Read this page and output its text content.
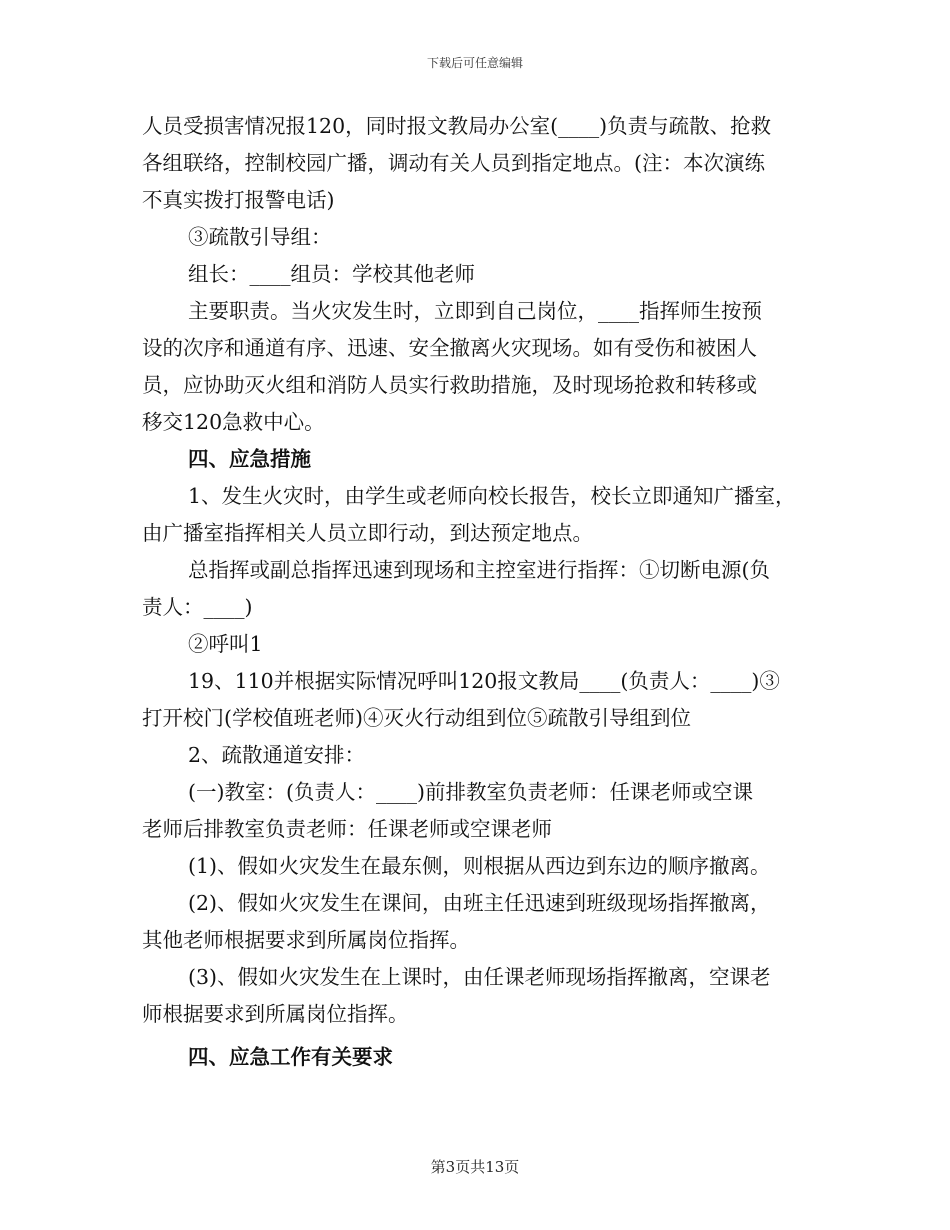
下载后可任意编辑
人员受损害情况报120，同时报文教局办公室(____)负责与疏散、抢救
各组联络，控制校园广播，调动有关人员到指定地点。(注：本次演练
不真实拨打报警电话)
③疏散引导组：
组长：____组员：学校其他老师
主要职责。当火灾发生时，立即到自己岗位，____指挥师生按预
设的次序和通道有序、迅速、安全撤离火灾现场。如有受伤和被困人
员，应协助灭火组和消防人员实行救助措施，及时现场抢救和转移或
移交120急救中心。
四、应急措施
1、发生火灾时，由学生或老师向校长报告，校长立即通知广播室，
由广播室指挥相关人员立即行动，到达预定地点。
总指挥或副总指挥迅速到现场和主控室进行指挥：①切断电源(负
责人：____)
②呼叫1
19、110并根据实际情况呼叫120报文教局____(负责人：____)③
打开校门(学校值班老师)④灭火行动组到位⑤疏散引导组到位
2、疏散通道安排：
(一)教室：(负责人：____)前排教室负责老师：任课老师或空课
老师后排教室负责老师：任课老师或空课老师
(1)、假如火灾发生在最东侧，则根据从西边到东边的顺序撤离。
(2)、假如火灾发生在课间，由班主任迅速到班级现场指挥撤离，
其他老师根据要求到所属岗位指挥。
(3)、假如火灾发生在上课时，由任课老师现场指挥撤离，空课老
师根据要求到所属岗位指挥。
四、应急工作有关要求
第3页共13页
